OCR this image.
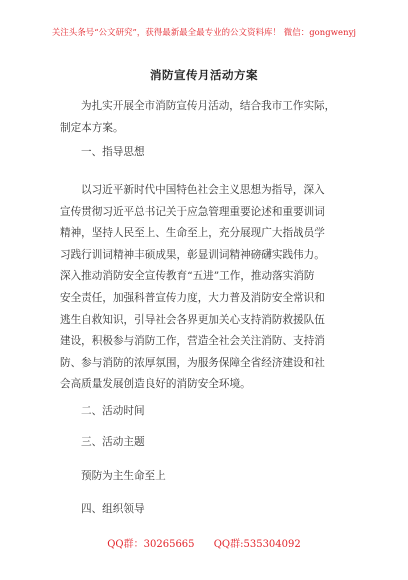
关注头条号“公文研究”，获得最新最全最专业的公文资料库！ 微信：gongwenyj
消防宣传月活动方案
为扎实开展全市消防宣传月活动，结合我市工作实际，
制定本方案。
一、指导思想
以习近平新时代中国特色社会主义思想为指导，深入
宣传贯彻习近平总书记关于应急管理重要论述和重要训词
精神，坚持人民至上、生命至上，充分展现广大指战员学
习践行训词精神丰硕成果，彰显训词精神磅礴实践伟力。
深入推动消防安全宣传教育“五进”工作，推动落实消防
安全责任，加强科普宣传力度，大力普及消防安全常识和
逃生自救知识，引导社会各界更加关心支持消防救援队伍
建设，积极参与消防工作，营造全社会关注消防、支持消
防、参与消防的浓厚氛围，为服务保障全省经济建设和社
会高质量发展创造良好的消防安全环境。
二、活动时间
三、活动主题
预防为主生命至上
四、组织领导
QQ群：30265665 QQ群:535304092
